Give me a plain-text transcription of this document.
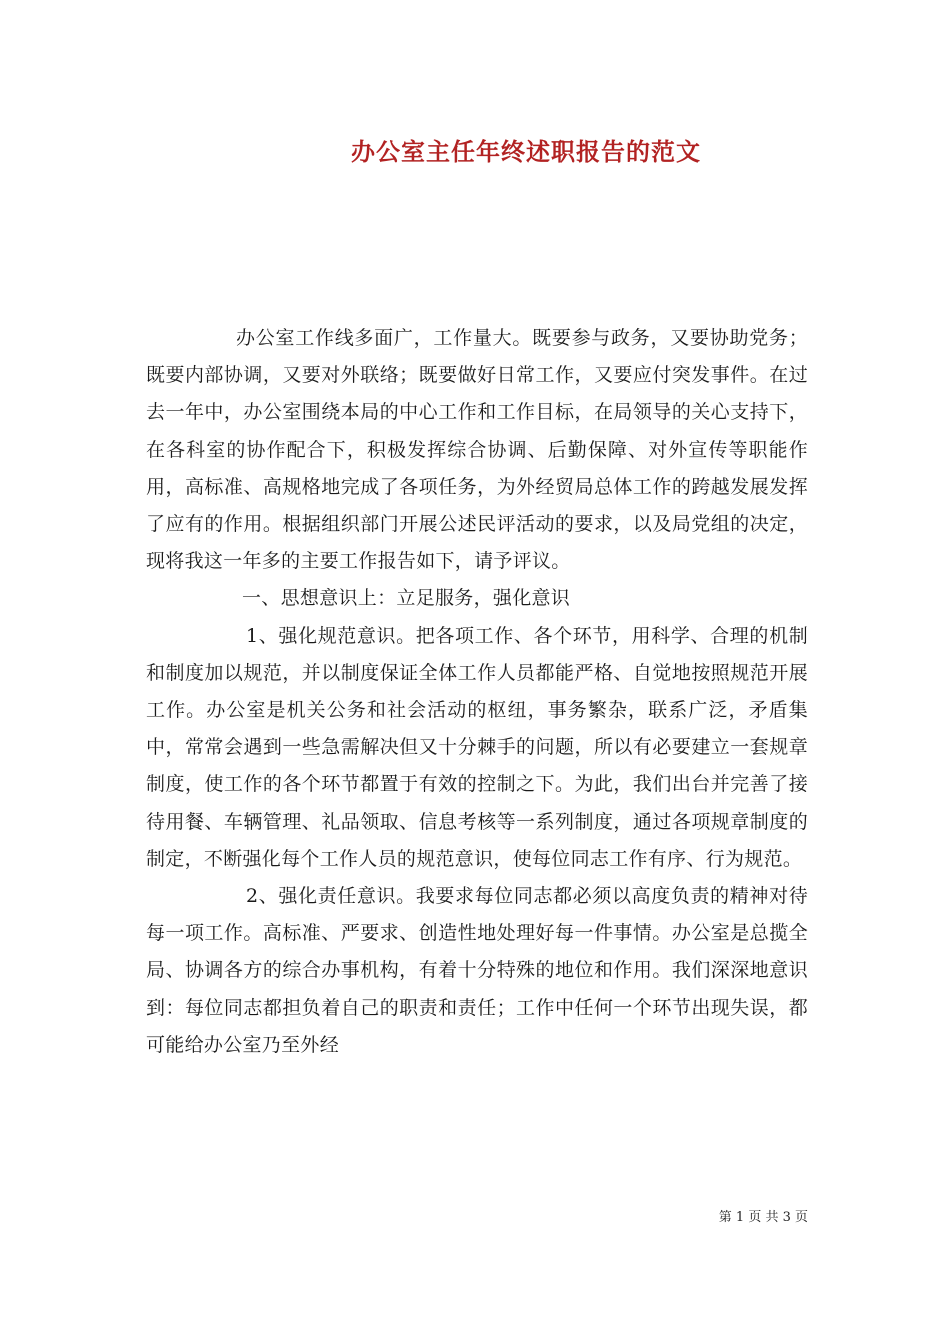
办公室主任年终述职报告的范文

办公室工作线多面广，工作量大。既要参与政务，又要协助党务；既要内部协调，又要对外联络；既要做好日常工作，又要应付突发事件。在过去一年中，办公室围绕本局的中心工作和工作目标，在局领导的关心支持下，在各科室的协作配合下，积极发挥综合协调、后勤保障、对外宣传等职能作用，高标准、高规格地完成了各项任务，为外经贸局总体工作的跨越发展发挥了应有的作用。根据组织部门开展公述民评活动的要求，以及局党组的决定，现将我这一年多的主要工作报告如下，请予评议。

一、思想意识上：立足服务，强化意识

1、强化规范意识。把各项工作、各个环节，用科学、合理的机制和制度加以规范，并以制度保证全体工作人员都能严格、自觉地按照规范开展工作。办公室是机关公务和社会活动的枢纽，事务繁杂，联系广泛，矛盾集中，常常会遇到一些急需解决但又十分棘手的问题，所以有必要建立一套规章制度，使工作的各个环节都置于有效的控制之下。为此，我们出台并完善了接待用餐、车辆管理、礼品领取、信息考核等一系列制度，通过各项规章制度的制定，不断强化每个工作人员的规范意识，使每位同志工作有序、行为规范。

2、强化责任意识。我要求每位同志都必须以高度负责的精神对待每一项工作。高标准、严要求、创造性地处理好每一件事情。办公室是总揽全局、协调各方的综合办事机构，有着十分特殊的地位和作用。我们深深地意识到：每位同志都担负着自己的职责和责任；工作中任何一个环节出现失误，都可能给办公室乃至外经

第 1 页 共 3 页
